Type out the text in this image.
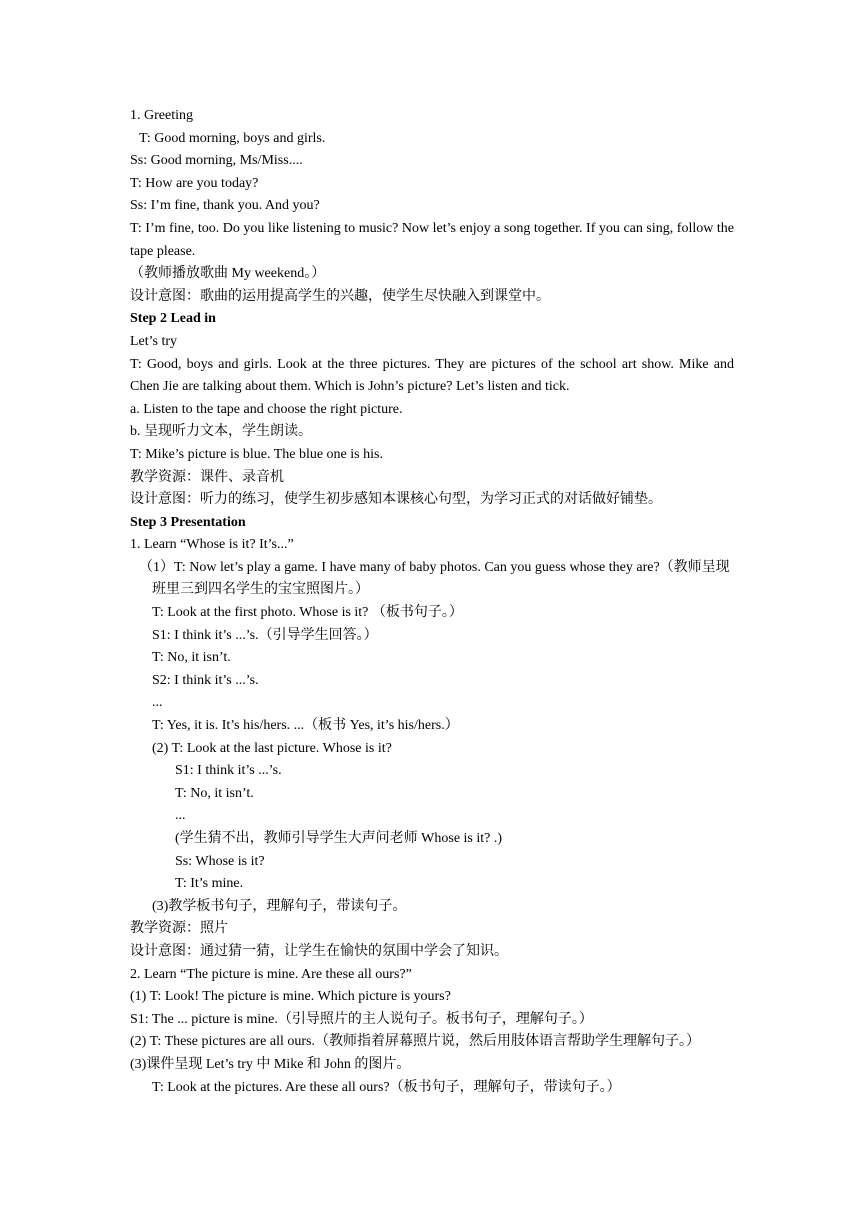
1. Greeting
T: Good morning, boys and girls.
Ss: Good morning, Ms/Miss....
T: How are you today?
Ss: I’m fine, thank you. And you?
T: I’m fine, too. Do you like listening to music? Now let’s enjoy a song together. If you can sing, follow the tape please.
（教师播放歌曲 My weekend。）
设计意图：歌曲的运用提高学生的兴趣，使学生尽快融入到课堂中。
Step 2 Lead in
Let’s try
T: Good, boys and girls. Look at the three pictures. They are pictures of the school art show. Mike and Chen Jie are talking about them. Which is John’s picture? Let’s listen and tick.
a. Listen to the tape and choose the right picture.
b. 呈现听力文本，学生朗读。
T: Mike’s picture is blue. The blue one is his.
教学资源：课件、录音机
设计意图：听力的练习，使学生初步感知本课核心句型，为学习正式的对话做好铺垫。
Step 3 Presentation
1. Learn “Whose is it? It’s...”
（1）T: Now let’s play a game. I have many of baby photos. Can you guess whose they are?（教师呈现班里三到四名学生的宝宝照图片。）
T: Look at the first photo. Whose is it? （板书句子。）
S1: I think it’s ...’s.（引导学生回答。）
T: No, it isn’t.
S2: I think it’s ...’s.
...
T: Yes, it is. It’s his/hers. ...（板书 Yes, it’s his/hers.）
(2) T: Look at the last picture. Whose is it?
S1: I think it’s ...’s.
T: No, it isn’t.
...
(学生猜不出，教师引导学生大声问老师 Whose is it? .)
Ss: Whose is it?
T: It’s mine.
(3)教学板书句子，理解句子，带读句子。
教学资源：照片
设计意图：通过猜一猜，让学生在愉快的氛围中学会了知识。
2. Learn “The picture is mine. Are these all ours?”
(1) T: Look! The picture is mine. Which picture is yours?
S1: The ... picture is mine.（引导照片的主人说句子。板书句子，理解句子。）
(2) T: These pictures are all ours.（教师指着屏幕照片说，然后用肢体语言帮助学生理解句子。）
(3)课件呈现 Let’s try 中 Mike 和 John 的图片。
T: Look at the pictures. Are these all ours?（板书句子，理解句子，带读句子。）
